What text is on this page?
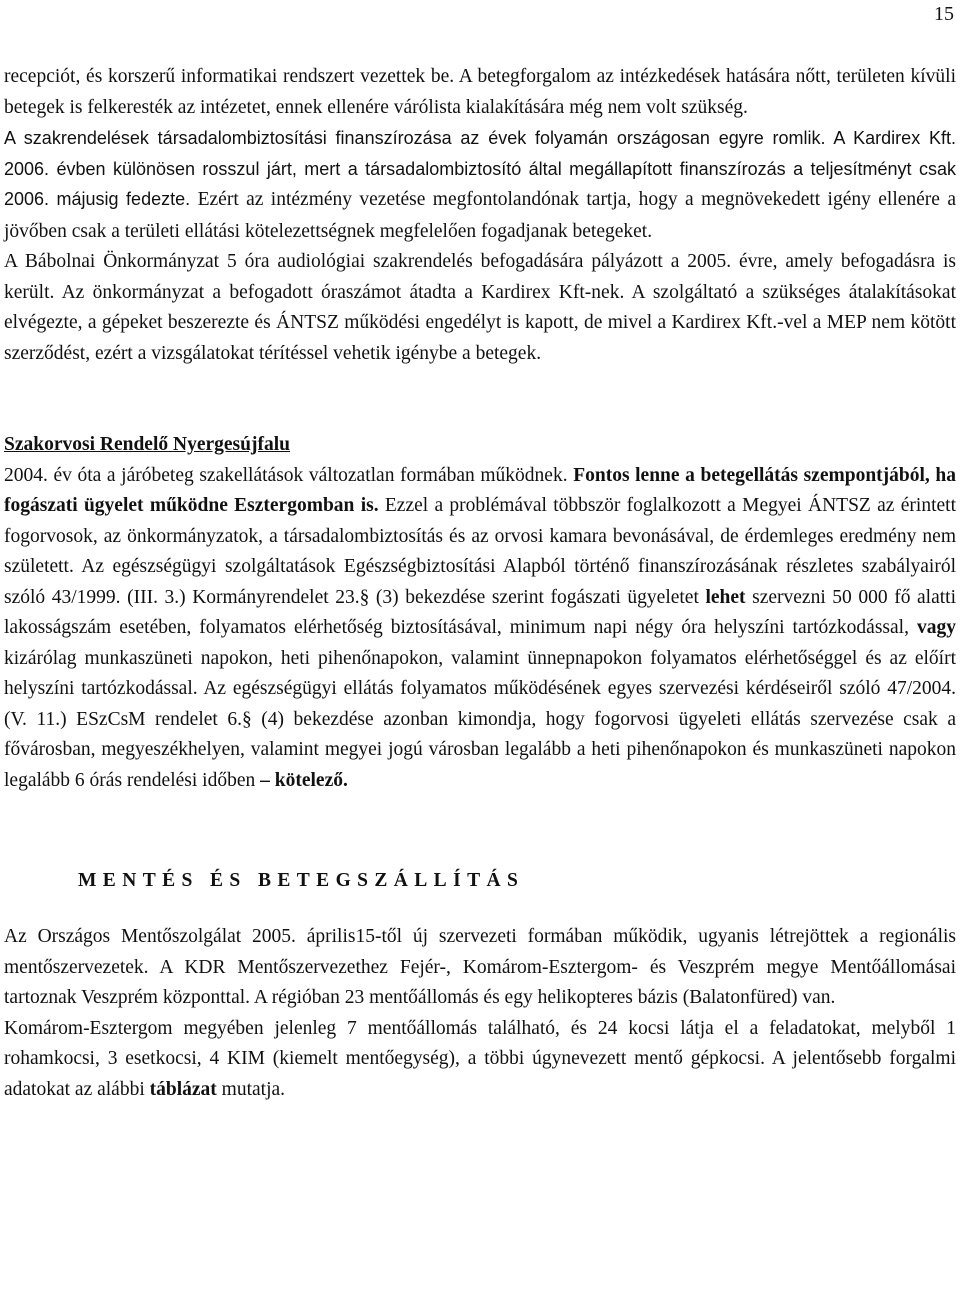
15

recepciót, és korszerű informatikai rendszert vezettek be. A betegforgalom az intézkedések hatására nőtt, területen kívüli betegek is felkeresték az intézetet, ennek ellenére várólista kialakítására még nem volt szükség.

A szakrendelések társadalombiztosítási finanszírozása az évek folyamán országosan egyre romlik. A Kardirex Kft. 2006. évben különösen rosszul járt, mert a társadalombiztosító által megállapított finanszírozás a teljesítményt csak 2006. májusig fedezte. Ezért az intézmény vezetése megfontolandónak tartja, hogy a megnövekedett igény ellenére a jövőben csak a területi ellátási kötelezettségnek megfelelően fogadjanak betegeket.

A Bábolnai Önkormányzat 5 óra audiológiai szakrendelés befogadására pályázott a 2005. évre, amely befogadásra is került. Az önkormányzat a befogadott óraszámot átadta a Kardirex Kft-nek. A szolgáltató a szükséges átalakításokat elvégezte, a gépeket beszerezte és ÁNTSZ működési engedélyt is kapott, de mivel a Kardirex Kft.-vel a MEP nem kötött szerződést, ezért a vizsgálatokat térítéssel vehetik igénybe a betegek.

Szakorvosi Rendelő Nyergesújfalu

2004. év óta a járóbeteg szakellátások változatlan formában működnek. Fontos lenne a betegellátás szempontjából, ha fogászati ügyelet működne Esztergomban is. Ezzel a problémával többször foglalkozott a Megyei ÁNTSZ az érintett fogorvosok, az önkormányzatok, a társadalombiztosítás és az orvosi kamara bevonásával, de érdemleges eredmény nem született. Az egészségügyi szolgáltatások Egészségbiztosítási Alapból történő finanszírozásának részletes szabályairól szóló 43/1999. (III. 3.) Kormányrendelet 23.§ (3) bekezdése szerint fogászati ügyeletet lehet szervezni 50 000 fő alatti lakosságszám esetében, folyamatos elérhetőség biztosításával, minimum napi négy óra helyszíni tartózkodással, vagy kizárólag munkaszüneti napokon, heti pihenőnapokon, valamint ünnepnapokon folyamatos elérhetőséggel és az előírt helyszíni tartózkodással. Az egészségügyi ellátás folyamatos működésének egyes szervezési kérdéseiről szóló 47/2004. (V. 11.) ESzCsM rendelet 6.§ (4) bekezdése azonban kimondja, hogy fogorvosi ügyeleti ellátás szervezése csak a fővárosban, megyeszékhelyen, valamint megyei jogú városban legalább a heti pihenőnapokon és munkaszüneti napokon legalább 6 órás rendelési időben – kötelező.

MENTÉS ÉS BETEGSZÁLLÍTÁS

Az Országos Mentőszolgálat 2005. április15-től új szervezeti formában működik, ugyanis létrejöttek a regionális mentőszervezetek. A KDR Mentőszervezethez Fejér-, Komárom-Esztergom- és Veszprém megye Mentőállomásai tartoznak Veszprém központtal. A régióban 23 mentőállomás és egy helikopteres bázis (Balatonfüred) van.

Komárom-Esztergom megyében jelenleg 7 mentőállomás található, és 24 kocsi látja el a feladatokat, melyből 1 rohamkocsi, 3 esetkocsi, 4 KIM (kiemelt mentőegység), a többi úgynevezett mentő gépkocsi. A jelentősebb forgalmi adatokat az alábbi táblázat mutatja.
